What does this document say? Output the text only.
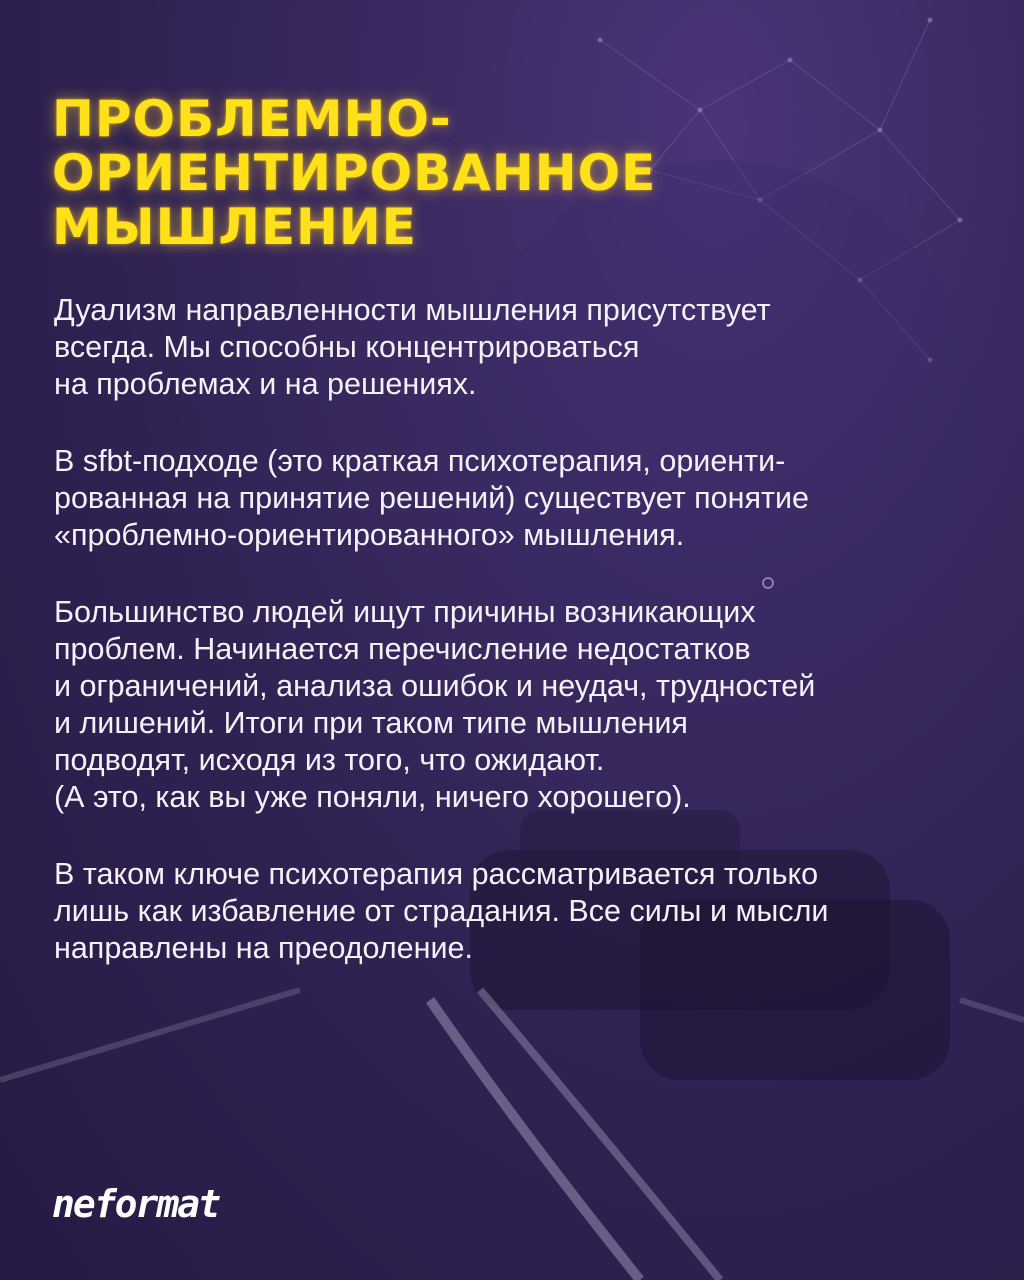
ПРОБЛЕМНО-
ОРИЕНТИРОВАННОЕ
МЫШЛЕНИЕ

Дуализм направленности мышления присутствует
всегда. Мы способны концентрироваться
на проблемах и на решениях.

В sfbt-подходе (это краткая психотерапия, ориенти-
рованная на принятие решений) существует понятие
«проблемно-ориентированного» мышления.

Большинство людей ищут причины возникающих
проблем. Начинается перечисление недостатков
и ограничений, анализа ошибок и неудач, трудностей
и лишений. Итоги при таком типе мышления
подводят, исходя из того, что ожидают.
(А это, как вы уже поняли, ничего хорошего).

В таком ключе психотерапия рассматривается только
лишь как избавление от страдания. Все силы и мысли
направлены на преодоление.

neformat
